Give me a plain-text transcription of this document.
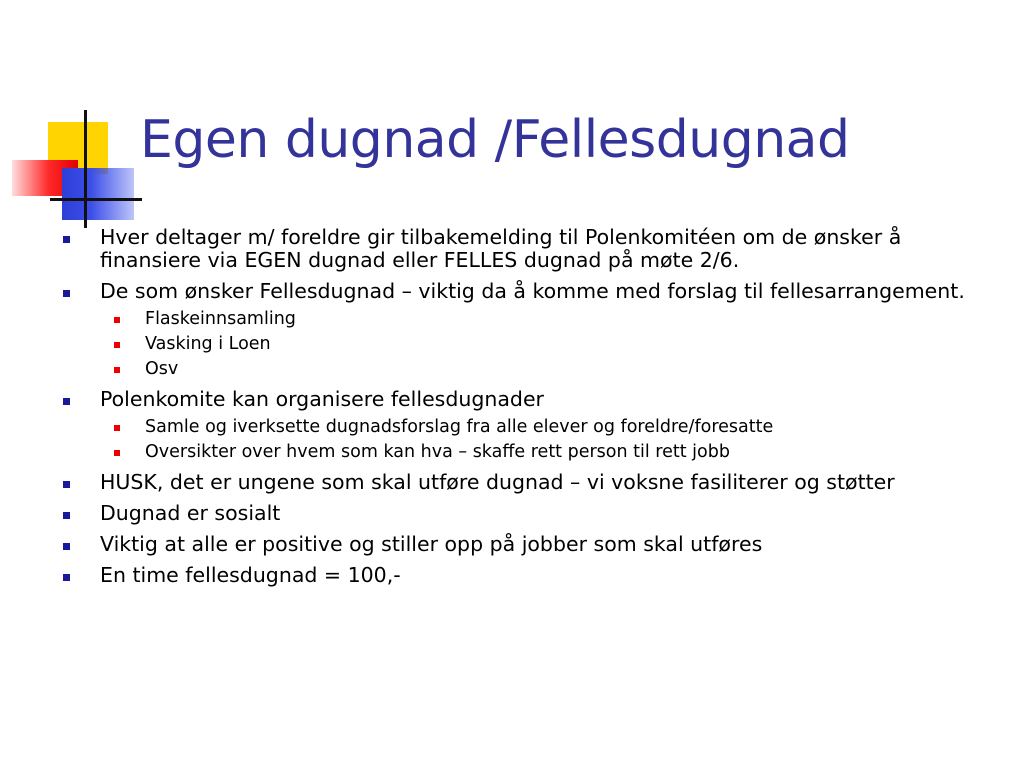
Egen dugnad /Fellesdugnad
Hver deltager m/ foreldre gir tilbakemelding til Polenkomitéen om de ønsker å finansiere via EGEN dugnad eller FELLES dugnad på møte 2/6.
De som ønsker Fellesdugnad – viktig da å komme med forslag til fellesarrangement.
Flaskeinnsamling
Vasking i Loen
Osv
Polenkomite kan organisere fellesdugnader
Samle og iverksette dugnadsforslag fra alle elever og foreldre/foresatte
Oversikter over hvem som kan hva – skaffe rett person til rett jobb
HUSK, det er ungene som skal utføre dugnad – vi voksne fasiliterer og støtter
Dugnad er sosialt
Viktig at alle er positive og stiller opp på jobber som skal utføres
En time fellesdugnad = 100,-
